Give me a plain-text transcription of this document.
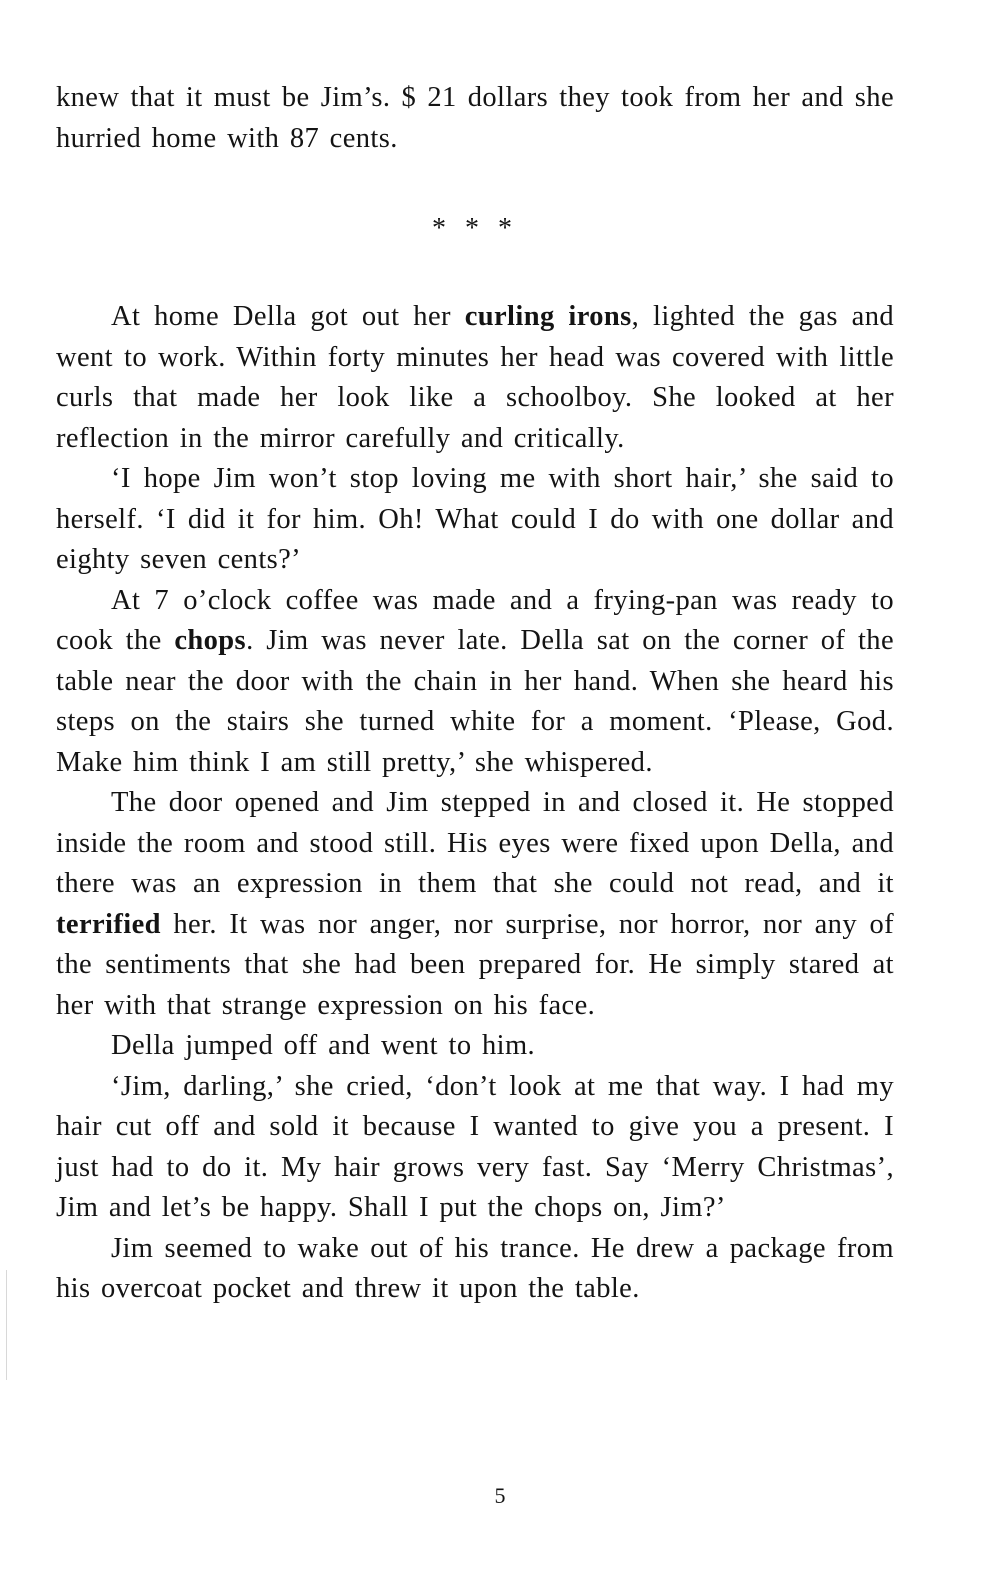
knew that it must be Jim’s. $ 21 dollars they took from her and she hurried home with 87 cents.

* * *

At home Della got out her curling irons, lighted the gas and went to work. Within forty minutes her head was covered with little curls that made her look like a schoolboy. She looked at her reflection in the mirror carefully and critically.

‘I hope Jim won’t stop loving me with short hair,’ she said to herself. ‘I did it for him. Oh! What could I do with one dollar and eighty seven cents?’

At 7 o’clock coffee was made and a frying-pan was ready to cook the chops. Jim was never late. Della sat on the corner of the table near the door with the chain in her hand. When she heard his steps on the stairs she turned white for a moment. ‘Please, God. Make him think I am still pretty,’ she whispered.

The door opened and Jim stepped in and closed it. He stopped inside the room and stood still. His eyes were fixed upon Della, and there was an expression in them that she could not read, and it terrified her. It was nor anger, nor surprise, nor horror, nor any of the sentiments that she had been prepared for. He simply stared at her with that strange expression on his face.

Della jumped off and went to him.

‘Jim, darling,’ she cried, ‘don’t look at me that way. I had my hair cut off and sold it because I wanted to give you a present. I just had to do it. My hair grows very fast. Say ‘Merry Christmas’, Jim and let’s be happy. Shall I put the chops on, Jim?’

Jim seemed to wake out of his trance. He drew a package from his overcoat pocket and threw it upon the table.

5
